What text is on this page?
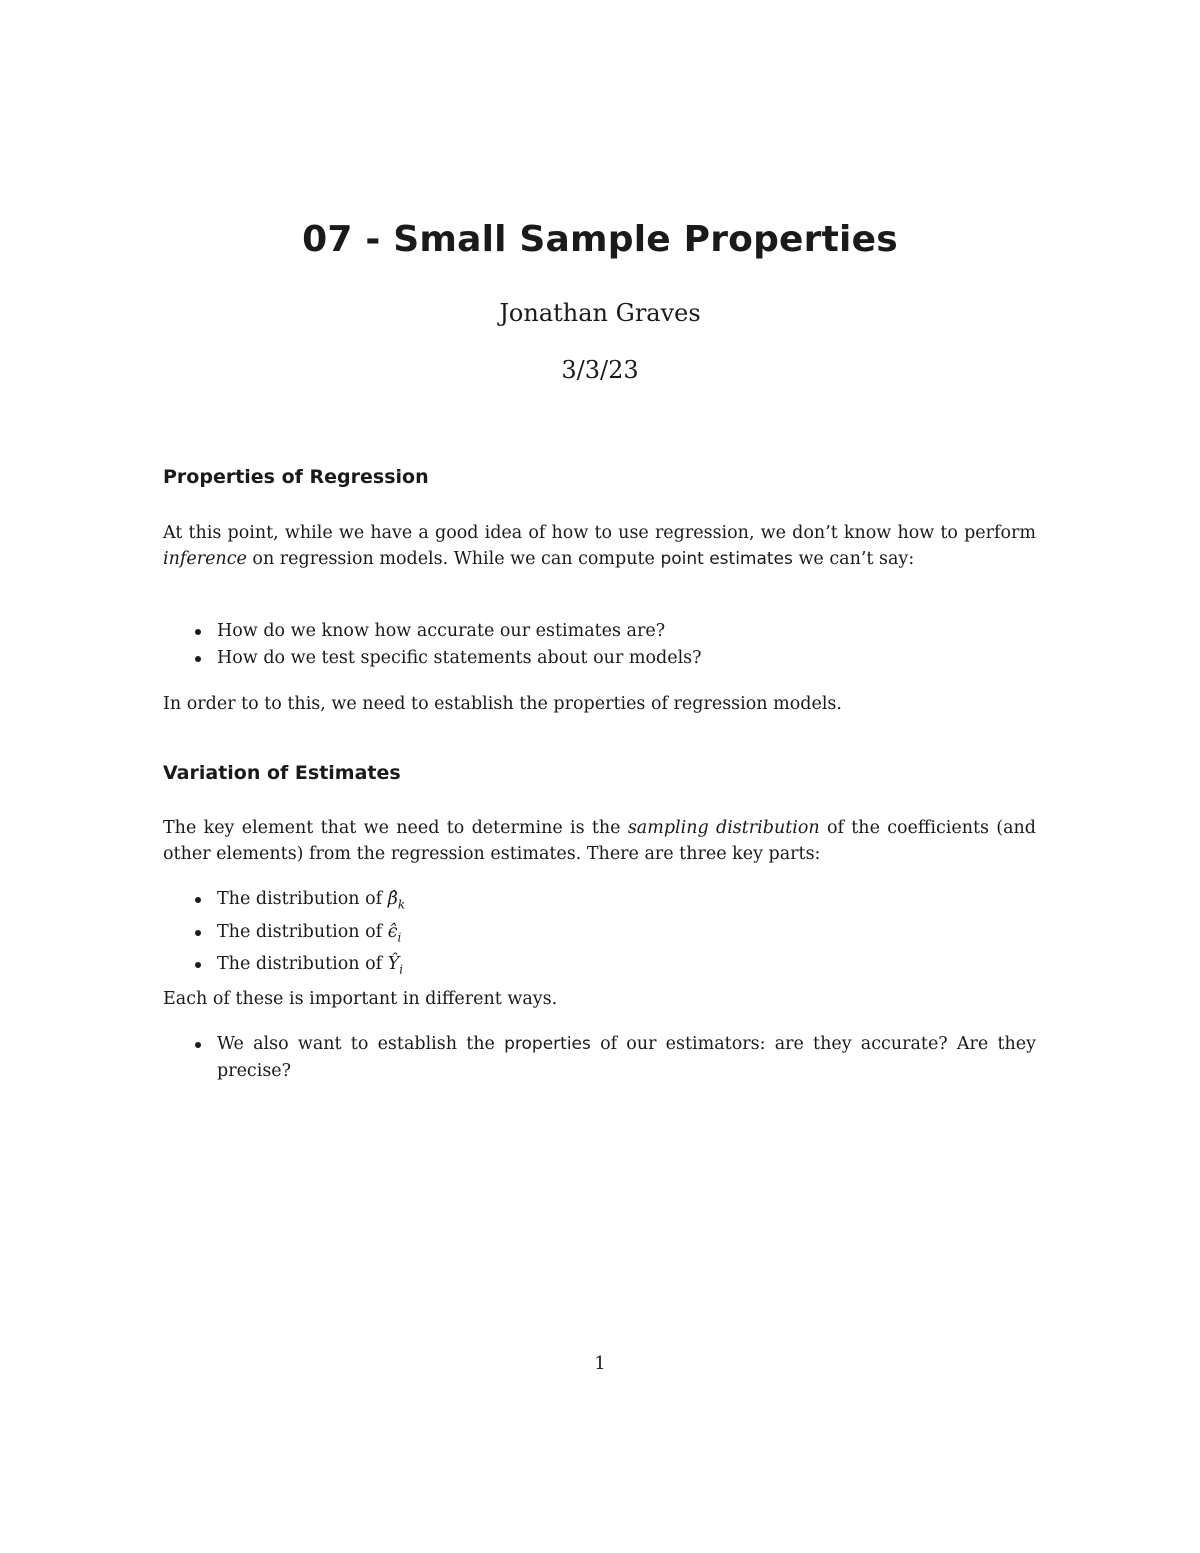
07 - Small Sample Properties
Jonathan Graves
3/3/23
Properties of Regression

At this point, while we have a good idea of how to use regression, we don’t know how to perform inference on regression models. While we can compute point estimates we can’t say:

How do we know how accurate our estimates are?
How do we test specific statements about our models?

In order to to this, we need to establish the properties of regression models.

Variation of Estimates

The key element that we need to determine is the sampling distribution of the coefficients (and other elements) from the regression estimates. There are three key parts:

The distribution of $\betâ_k$
The distribution of $\epsilon̂_i$
The distribution of $Ŷ_i$

Each of these is important in different ways.

We also want to establish the properties of our estimators: are they accurate? Are they precise?
1
